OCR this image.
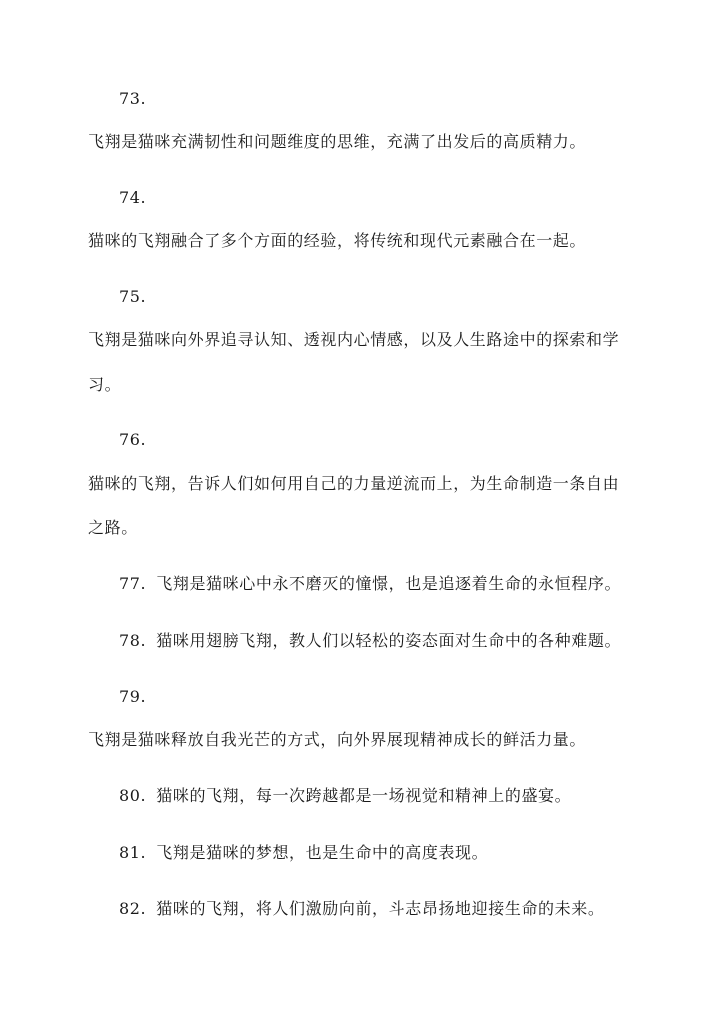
73.
飞翔是猫咪充满韧性和问题维度的思维，充满了出发后的高质精力。
74.
猫咪的飞翔融合了多个方面的经验，将传统和现代元素融合在一起。
75.
飞翔是猫咪向外界追寻认知、透视内心情感，以及人生路途中的探索和学
习。
76.
猫咪的飞翔，告诉人们如何用自己的力量逆流而上，为生命制造一条自由
之路。
77. 飞翔是猫咪心中永不磨灭的憧憬，也是追逐着生命的永恒程序。
78. 猫咪用翅膀飞翔，教人们以轻松的姿态面对生命中的各种难题。
79.
飞翔是猫咪释放自我光芒的方式，向外界展现精神成长的鲜活力量。
80. 猫咪的飞翔，每一次跨越都是一场视觉和精神上的盛宴。
81. 飞翔是猫咪的梦想，也是生命中的高度表现。
82. 猫咪的飞翔，将人们激励向前，斗志昂扬地迎接生命的未来。
